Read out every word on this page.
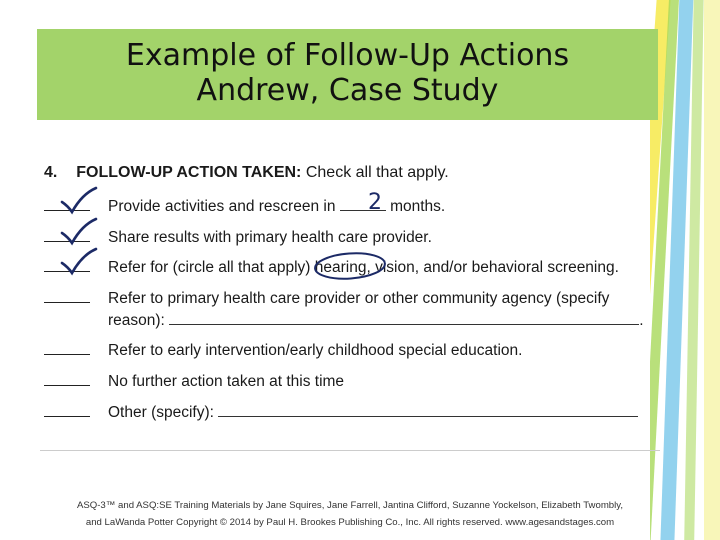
Example of Follow-Up Actions
Andrew, Case Study
4. FOLLOW-UP ACTION TAKEN: Check all that apply.
Provide activities and rescreen in	months.
2
Share results with primary health care provider.
Refer for (circle all that apply) hearing, vision, and/or behavioral screening.
Refer to primary health care provider or other community agency (specify
reason):	.
Refer to early intervention/early childhood special education.
No further action taken at this time
Other (specify):
ASQ-3™ and ASQ:SE Training Materials by Jane Squires, Jane Farrell, Jantina Clifford, Suzanne Yockelson, Elizabeth Twombly,
and LaWanda Potter Copyright © 2014 by Paul H. Brookes Publishing Co., Inc. All rights reserved. www.agesandstages.com
